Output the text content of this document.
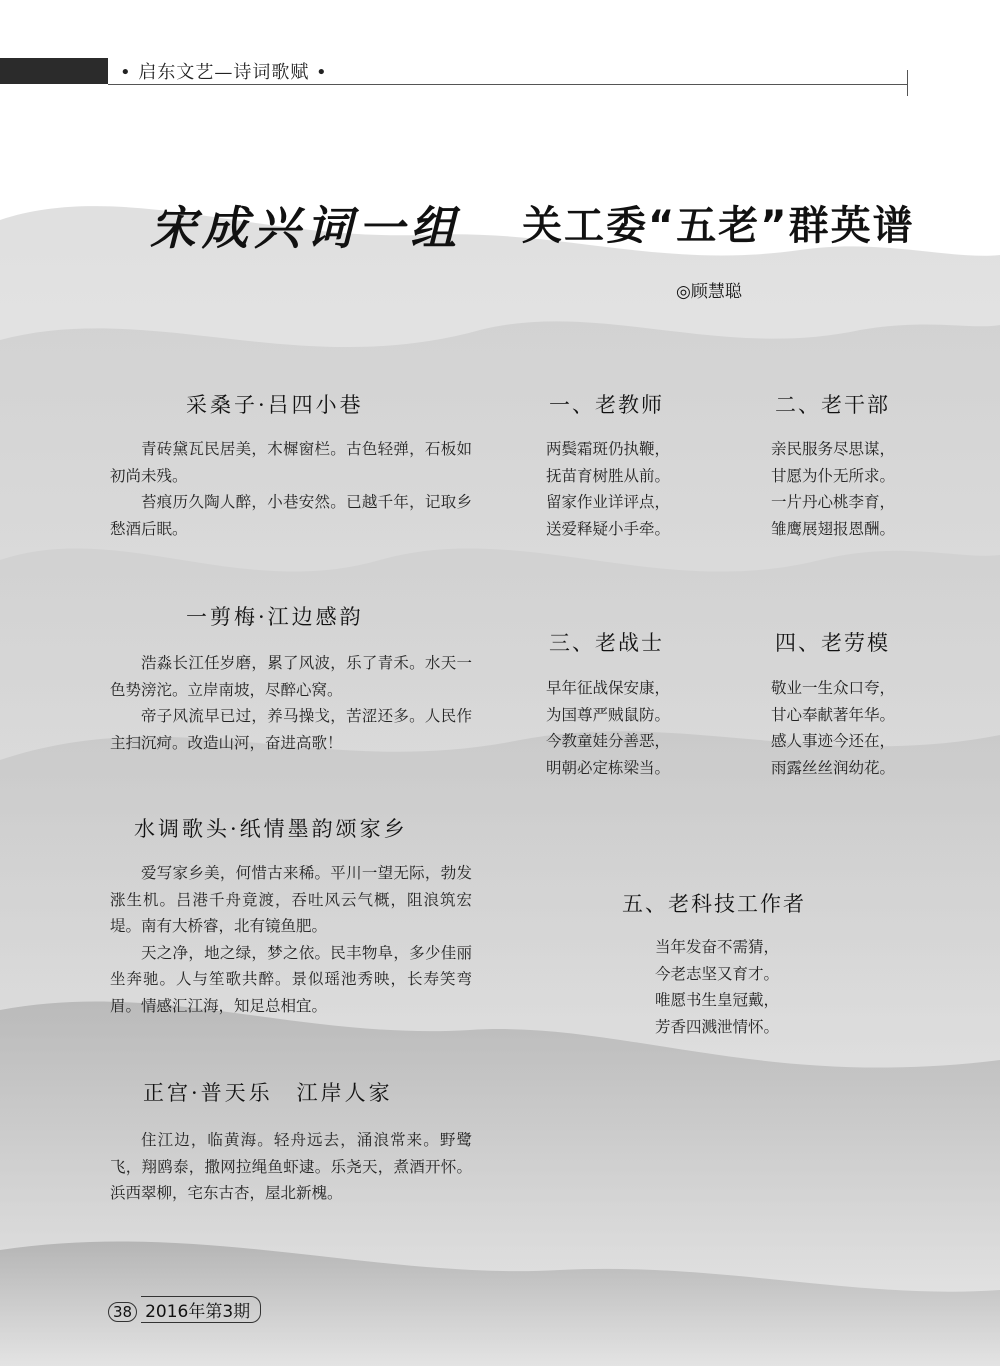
• 启东文艺—诗词歌赋 •
宋成兴词一组 关工委“五老”群英谱
◎顾慧聪
采桑子·吕四小巷

青砖黛瓦民居美，木樨窗栏。古色轻弹，石板如初尚未残。

苔痕历久陶人醉，小巷安然。已越千年，记取乡愁酒后眠。

一剪梅·江边感韵

浩淼长江任岁磨，累了风波，乐了青禾。水天一色势滂沱。立岸南坡，尽醉心窝。

帝子风流早已过，养马操戈，苦涩还多。人民作主扫沉疴。改造山河，奋进高歌！

水调歌头·纸情墨韵颂家乡

爱写家乡美，何惜古来稀。平川一望无际，勃发涨生机。吕港千舟竟渡，吞吐风云气概，阻浪筑宏堤。南有大桥睿，北有镜鱼肥。

天之净，地之绿，梦之依。民丰物阜，多少佳丽坐奔驰。人与笙歌共醉。景似瑶池秀映，长寿笑弯眉。情感汇江海，知足总相宜。

正宫·普天乐　江岸人家

住江边，临黄海。轻舟远去，涌浪常来。野鹭飞，翔鸥泰，撒网拉绳鱼虾逮。乐尧天，煮酒开怀。浜西翠柳，宅东古杏，屋北新槐。

一、老教师
两鬓霜斑仍执鞭，
抚苗育树胜从前。
留家作业详评点，
送爱释疑小手牵。
二、老干部
亲民服务尽思谋，
甘愿为仆无所求。
一片丹心桃李育，
雏鹰展翅报恩酬。
三、老战士
早年征战保安康，
为国尊严贼鼠防。
今教童娃分善恶，
明朝必定栋梁当。
四、老劳模
敬业一生众口夸，
甘心奉献著年华。
感人事迹今还在，
雨露丝丝润幼花。
五、老科技工作者
当年发奋不需猜，
今老志坚又育才。
唯愿书生皇冠戴，
芳香四溅泄情怀。
38 2016年第3期
